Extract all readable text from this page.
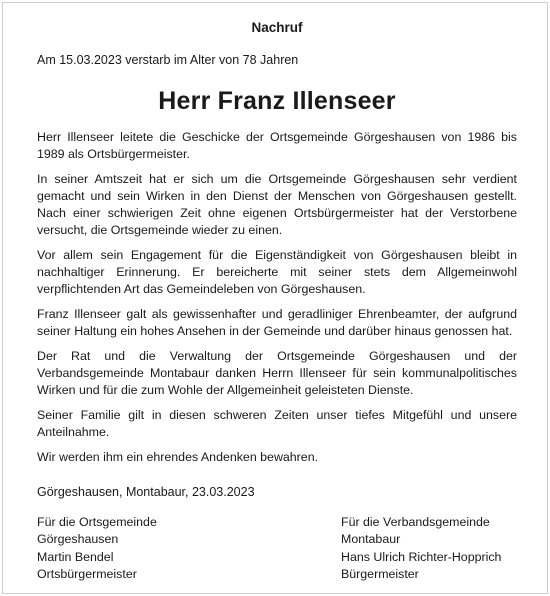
Nachruf
Am 15.03.2023 verstarb im Alter von 78 Jahren
Herr Franz Illenseer

Herr Illenseer leitete die Geschicke der Ortsgemeinde Görgeshausen von 1986 bis 1989 als Ortsbürgermeister.

In seiner Amtszeit hat er sich um die Ortsgemeinde Görgeshausen sehr verdient gemacht und sein Wirken in den Dienst der Menschen von Görgeshausen gestellt. Nach einer schwierigen Zeit ohne eigenen Ortsbürgermeister hat der Verstorbene versucht, die Ortsgemeinde wieder zu einen.

Vor allem sein Engagement für die Eigenständigkeit von Görgeshausen bleibt in nachhaltiger Erinnerung. Er bereicherte mit seiner stets dem Allgemeinwohl verpflichtenden Art das Gemeindeleben von Görgeshausen.

Franz Illenseer galt als gewissenhafter und geradliniger Ehrenbeamter, der aufgrund seiner Haltung ein hohes Ansehen in der Gemeinde und darüber hinaus genossen hat.

Der Rat und die Verwaltung der Ortsgemeinde Görgeshausen und der Verbandsgemeinde Montabaur danken Herrn Illenseer für sein kommunalpolitisches Wirken und für die zum Wohle der Allgemeinheit geleisteten Dienste.

Seiner Familie gilt in diesen schweren Zeiten unser tiefes Mitgefühl und unsere Anteilnahme.

Wir werden ihm ein ehrendes Andenken bewahren.

Görgeshausen, Montabaur, 23.03.2023
Für die Ortsgemeinde
Görgeshausen
Martin Bendel
Ortsbürgermeister
Für die Verbandsgemeinde
Montabaur
Hans Ulrich Richter-Hopprich
Bürgermeister
